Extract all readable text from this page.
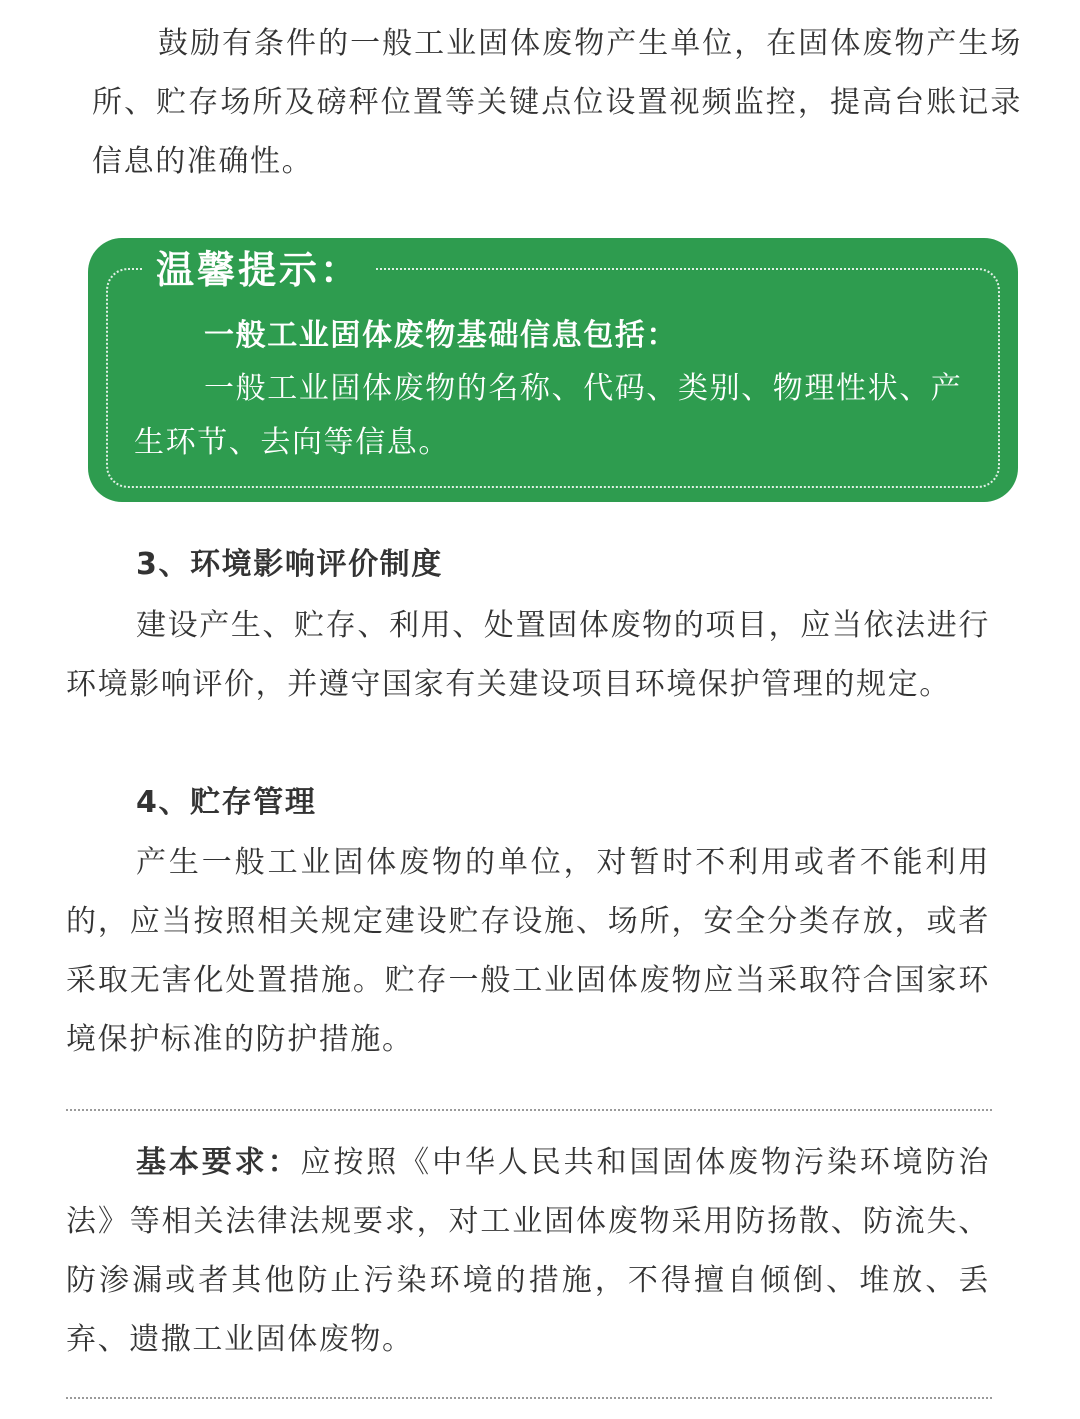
鼓励有条件的一般工业固体废物产生单位，在固体废物产生场所、贮存场所及磅秤位置等关键点位设置视频监控，提高台账记录信息的准确性。

温馨提示：
一般工业固体废物基础信息包括：

一般工业固体废物的名称、代码、类别、物理性状、产生环节、去向等信息。

3、环境影响评价制度

建设产生、贮存、利用、处置固体废物的项目，应当依法进行环境影响评价，并遵守国家有关建设项目环境保护管理的规定。

4、贮存管理

产生一般工业固体废物的单位，对暂时不利用或者不能利用的，应当按照相关规定建设贮存设施、场所，安全分类存放，或者采取无害化处置措施。贮存一般工业固体废物应当采取符合国家环境保护标准的防护措施。

基本要求：应按照《中华人民共和国固体废物污染环境防治法》等相关法律法规要求，对工业固体废物采用防扬散、防流失、防渗漏或者其他防止污染环境的措施，不得擅自倾倒、堆放、丢弃、遗撒工业固体废物。
